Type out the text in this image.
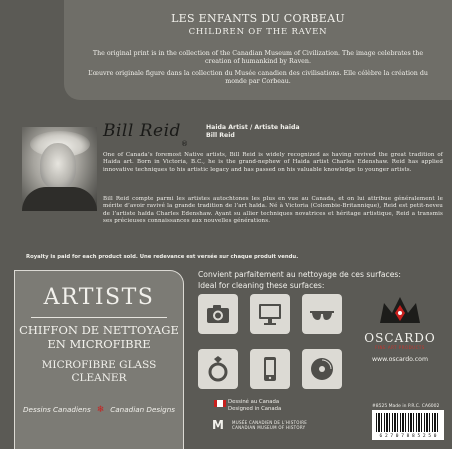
LES ENFANTS DU CORBEAU
CHILDREN OF THE RAVEN
The original print is in the collection of the Canadian Museum of Civilization. The image celebrates the creation of humankind by Raven.
L’œuvre originale figure dans la collection du Musée canadien des civilisations. Elle célèbre la création du monde par Corbeau.
Bill Reid
®
Haida Artist / Artiste haïda
Bill Reid
One of Canada’s foremost Native artists, Bill Reid is widely recognized as having revived the great tradition of Haida art. Born in Victoria, B.C., he is the grand-nephew of Haida artist Charles Edenshaw. Reid has applied innovative techniques to his artistic legacy and has passed on his valuable knowledge to younger artists.
Bill Reid compte parmi les artistes autochtones les plus en vue au Canada, et on lui attribue généralement le mérite d’avoir ravivé la grande tradition de l’art haïda. Né à Victoria (Colombie-Britannique), Reid est petit-neveu de l’artiste haïda Charles Edenshaw. Ayant su allier techniques novatrices et héritage artistique, Reid a transmis ses précieuses connaissances aux nouvelles générations.
Royalty is paid for each product sold. Une redevance est versée sur chaque produit vendu.
ARTISTS
CHIFFON DE NETTOYAGE EN MICROFIBRE
MICROFIBRE GLASS CLEANER
Dessins Canadiens ❄ Canadian Designs
Convient parfaitement au nettoyage de ces surfaces:
Ideal for cleaning these surfaces:
OSCARDO
FINE ART PRODUCTS
www.oscardo.com
Dessiné au Canada
Designed in Canada
M MUSÉE CANADIEN DE L’HISTOIRE
CANADIAN MUSEUM OF HISTORY
#8525 Made in P.R.C. CA6002
6 2 7 0 7 8 8 5 2 5 0
